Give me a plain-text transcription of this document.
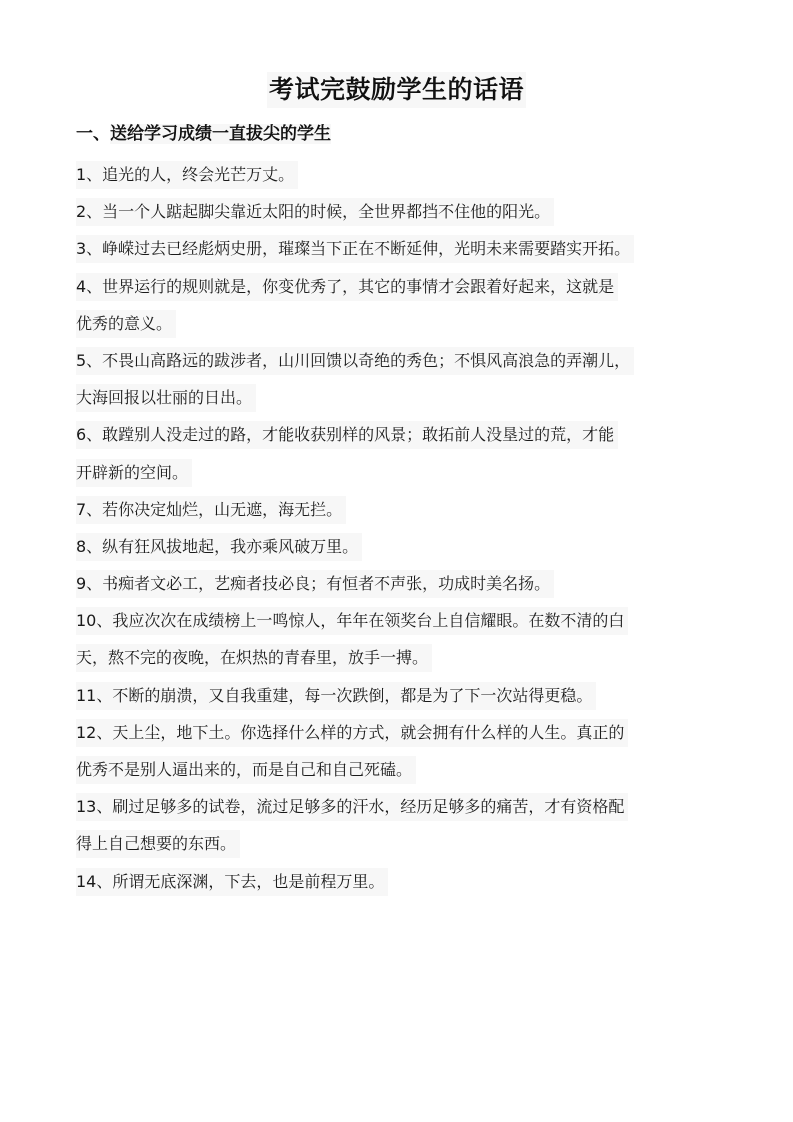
考试完鼓励学生的话语
一、送给学习成绩一直拔尖的学生
1、追光的人，终会光芒万丈。
2、当一个人踮起脚尖靠近太阳的时候，全世界都挡不住他的阳光。
3、峥嵘过去已经彪炳史册，璀璨当下正在不断延伸，光明未来需要踏实开拓。
4、世界运行的规则就是，你变优秀了，其它的事情才会跟着好起来，这就是
优秀的意义。
5、不畏山高路远的跋涉者，山川回馈以奇绝的秀色；不惧风高浪急的弄潮儿，
大海回报以壮丽的日出。
6、敢蹚别人没走过的路，才能收获别样的风景；敢拓前人没垦过的荒，才能
开辟新的空间。
7、若你决定灿烂，山无遮，海无拦。
8、纵有狂风拔地起，我亦乘风破万里。
9、书痴者文必工，艺痴者技必良；有恒者不声张，功成时美名扬。
10、我应次次在成绩榜上一鸣惊人，年年在领奖台上自信耀眼。在数不清的白
天，熬不完的夜晚，在炽热的青春里，放手一搏。
11、不断的崩溃，又自我重建，每一次跌倒，都是为了下一次站得更稳。
12、天上尘，地下土。你选择什么样的方式，就会拥有什么样的人生。真正的
优秀不是别人逼出来的，而是自己和自己死磕。
13、刷过足够多的试卷，流过足够多的汗水，经历足够多的痛苦，才有资格配
得上自己想要的东西。
14、所谓无底深渊，下去，也是前程万里。
